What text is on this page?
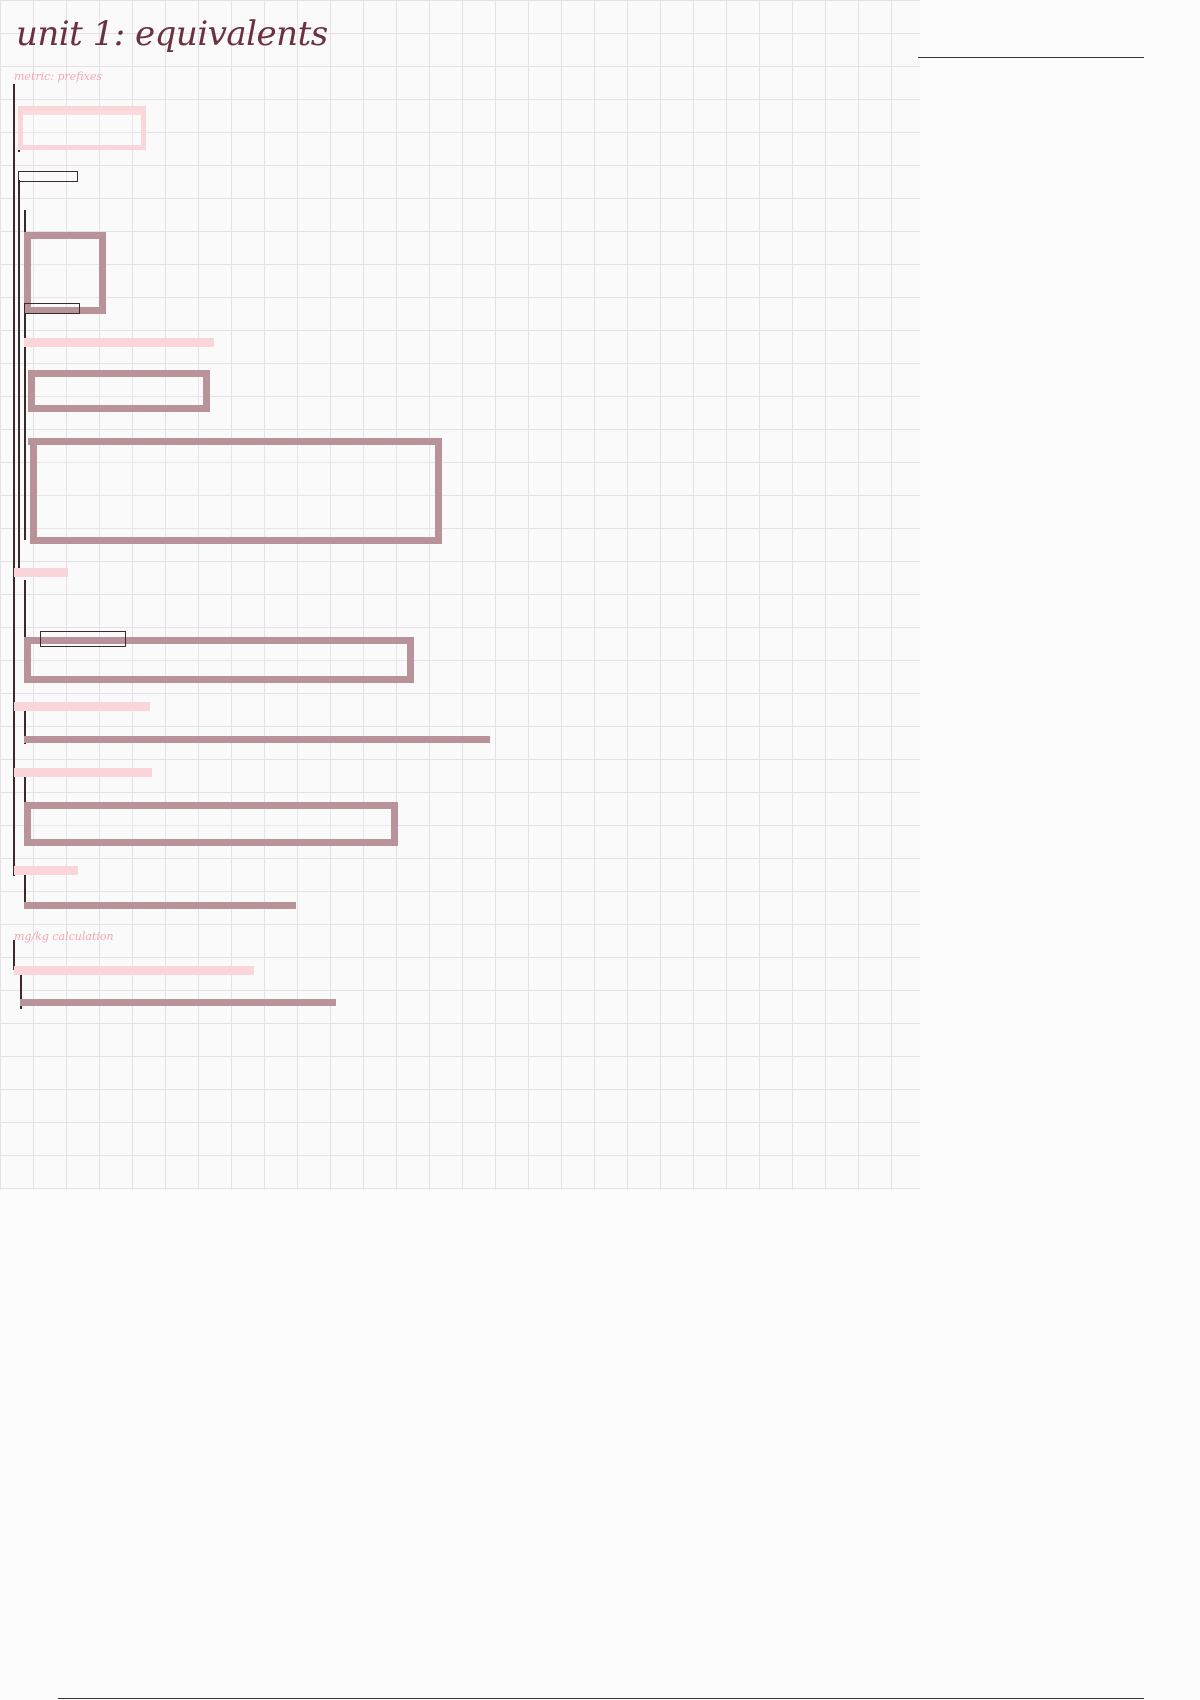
unit 1: equivalents
metric: prefixes
mg/kg calculation
